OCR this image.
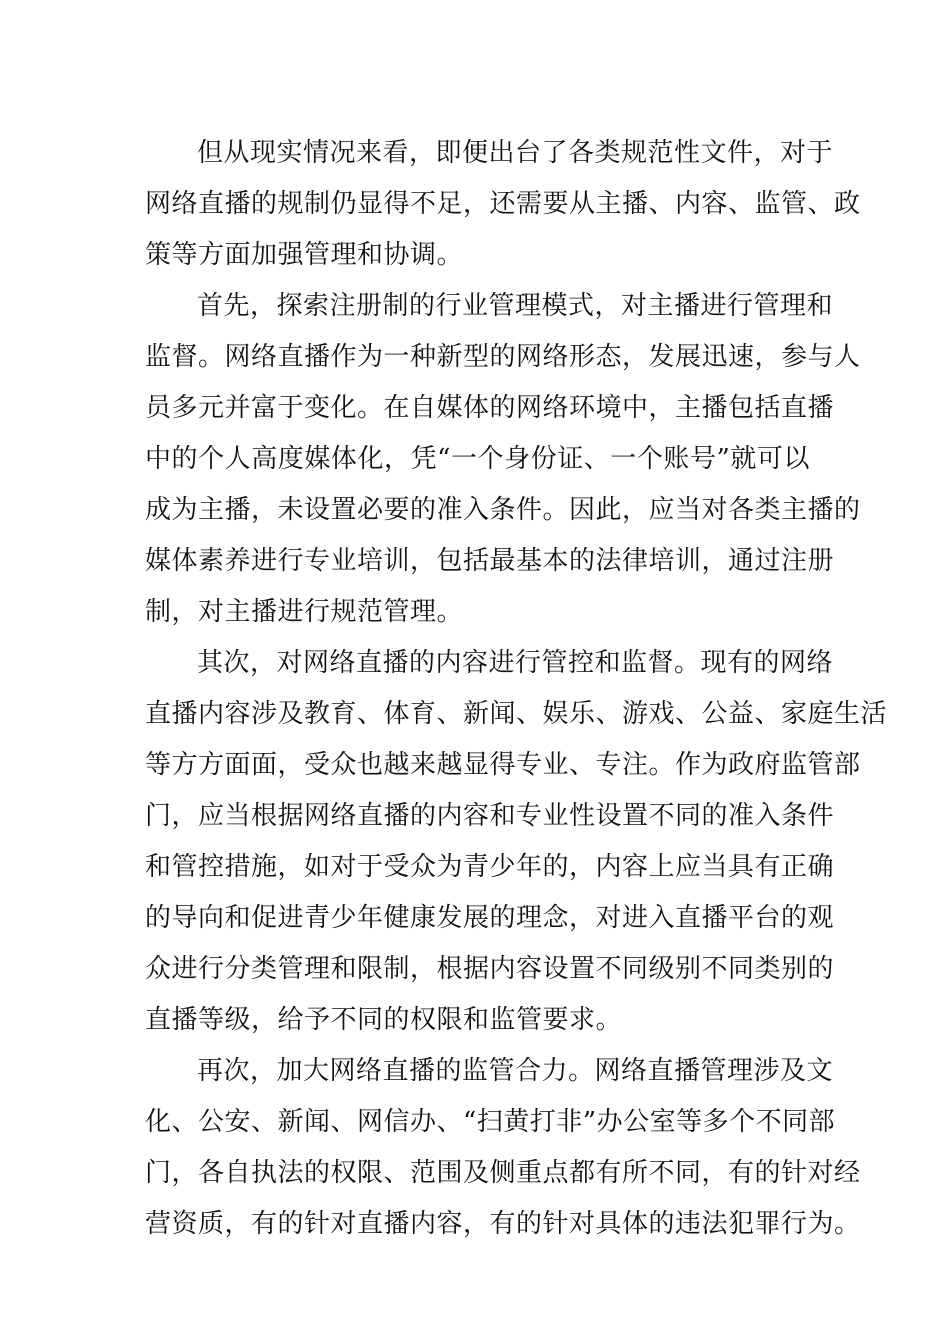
但从现实情况来看，即便出台了各类规范性文件，对于
网络直播的规制仍显得不足，还需要从主播、内容、监管、政
策等方面加强管理和协调。

首先，探索注册制的行业管理模式，对主播进行管理和
监督。网络直播作为一种新型的网络形态，发展迅速，参与人
员多元并富于变化。在自媒体的网络环境中，主播包括直播
中的个人高度媒体化，凭“一个身份证、一个账号”就可以
成为主播，未设置必要的准入条件。因此，应当对各类主播的
媒体素养进行专业培训，包括最基本的法律培训，通过注册
制，对主播进行规范管理。

其次，对网络直播的内容进行管控和监督。现有的网络
直播内容涉及教育、体育、新闻、娱乐、游戏、公益、家庭生活
等方方面面，受众也越来越显得专业、专注。作为政府监管部
门，应当根据网络直播的内容和专业性设置不同的准入条件
和管控措施，如对于受众为青少年的，内容上应当具有正确
的导向和促进青少年健康发展的理念，对进入直播平台的观
众进行分类管理和限制，根据内容设置不同级别不同类别的
直播等级，给予不同的权限和监管要求。

再次，加大网络直播的监管合力。网络直播管理涉及文
化、公安、新闻、网信办、“扫黄打非”办公室等多个不同部
门，各自执法的权限、范围及侧重点都有所不同，有的针对经
营资质，有的针对直播内容，有的针对具体的违法犯罪行为。
